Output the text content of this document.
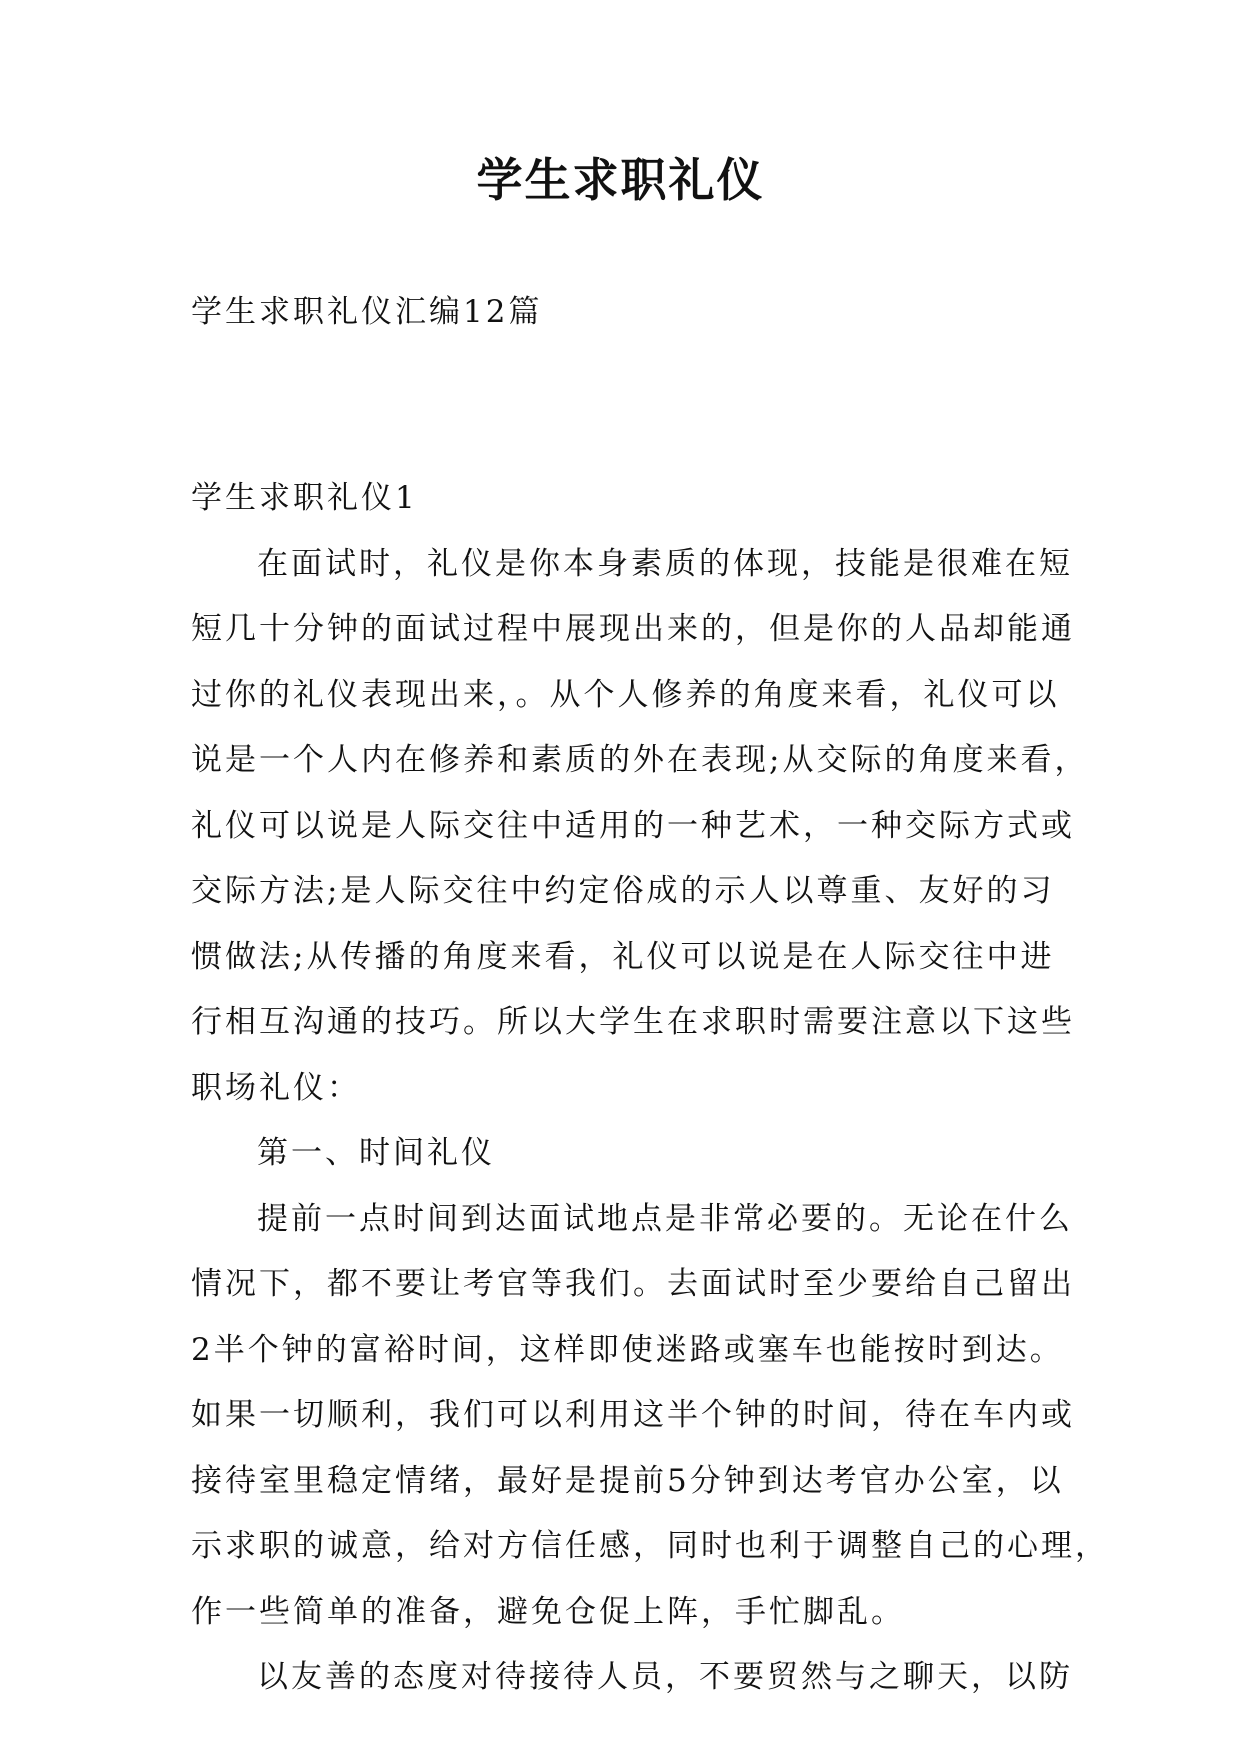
学生求职礼仪
学生求职礼仪汇编12篇
学生求职礼仪1
在面试时，礼仪是你本身素质的体现，技能是很难在短
短几十分钟的面试过程中展现出来的，但是你的人品却能通
过你的礼仪表现出来，。从个人修养的角度来看，礼仪可以
说是一个人内在修养和素质的外在表现;从交际的角度来看，
礼仪可以说是人际交往中适用的一种艺术，一种交际方式或
交际方法;是人际交往中约定俗成的示人以尊重、友好的习
惯做法;从传播的角度来看，礼仪可以说是在人际交往中进
行相互沟通的技巧。所以大学生在求职时需要注意以下这些
职场礼仪：
第一、时间礼仪
提前一点时间到达面试地点是非常必要的。无论在什么
情况下，都不要让考官等我们。去面试时至少要给自己留出
2半个钟的富裕时间，这样即使迷路或塞车也能按时到达。
如果一切顺利，我们可以利用这半个钟的时间，待在车内或
接待室里稳定情绪，最好是提前5分钟到达考官办公室，以
示求职的诚意，给对方信任感，同时也利于调整自己的心理，
作一些简单的准备，避免仓促上阵，手忙脚乱。
以友善的态度对待接待人员，不要贸然与之聊天，以防
